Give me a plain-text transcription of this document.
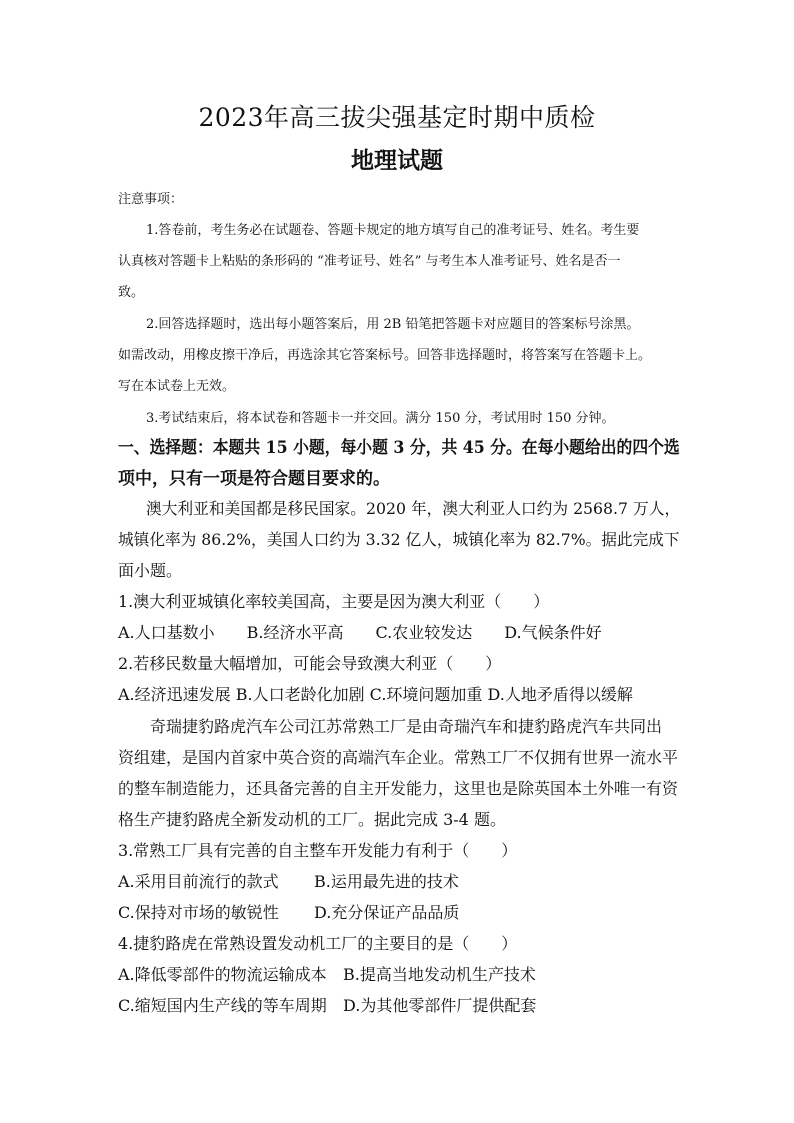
2023年高三拔尖强基定时期中质检
地理试题
注意事项：
1.答卷前，考生务必在试题卷、答题卡规定的地方填写自己的准考证号、姓名。考生要
认真核对答题卡上粘贴的条形码的 “准考证号、姓名” 与考生本人准考证号、姓名是否一
致。
2.回答选择题时，选出每小题答案后，用 2B 铅笔把答题卡对应题目的答案标号涂黑。
如需改动，用橡皮擦干净后，再选涂其它答案标号。回答非选择题时，将答案写在答题卡上。
写在本试卷上无效。
3.考试结束后，将本试卷和答题卡一并交回。满分 150 分，考试用时 150 分钟。
一、选择题：本题共 15 小题，每小题 3 分，共 45 分。在每小题给出的四个选
项中，只有一项是符合题目要求的。
澳大利亚和美国都是移民国家。2020 年，澳大利亚人口约为 2568.7 万人，
城镇化率为 86.2%，美国人口约为 3.32 亿人，城镇化率为 82.7%。据此完成下
面小题。
1.澳大利亚城镇化率较美国高，主要是因为澳大利亚（　　）
A.人口基数小　　B.经济水平高　　C.农业较发达　　D.气候条件好
2.若移民数量大幅增加，可能会导致澳大利亚（　　）
A.经济迅速发展 B.人口老龄化加剧 C.环境问题加重 D.人地矛盾得以缓解
奇瑞捷豹路虎汽车公司江苏常熟工厂是由奇瑞汽车和捷豹路虎汽车共同出
资组建，是国内首家中英合资的高端汽车企业。常熟工厂不仅拥有世界一流水平
的整车制造能力，还具备完善的自主开发能力，这里也是除英国本土外唯一有资
格生产捷豹路虎全新发动机的工厂。据此完成 3-4 题。
3.常熟工厂具有完善的自主整车开发能力有利于（　　）
A.采用目前流行的款式 B.运用最先进的技术
C.保持对市场的敏锐性 D.充分保证产品品质
4.捷豹路虎在常熟设置发动机工厂的主要目的是（　　）
A.降低零部件的物流运输成本 B.提高当地发动机生产技术
C.缩短国内生产线的等车周期 D.为其他零部件厂提供配套
